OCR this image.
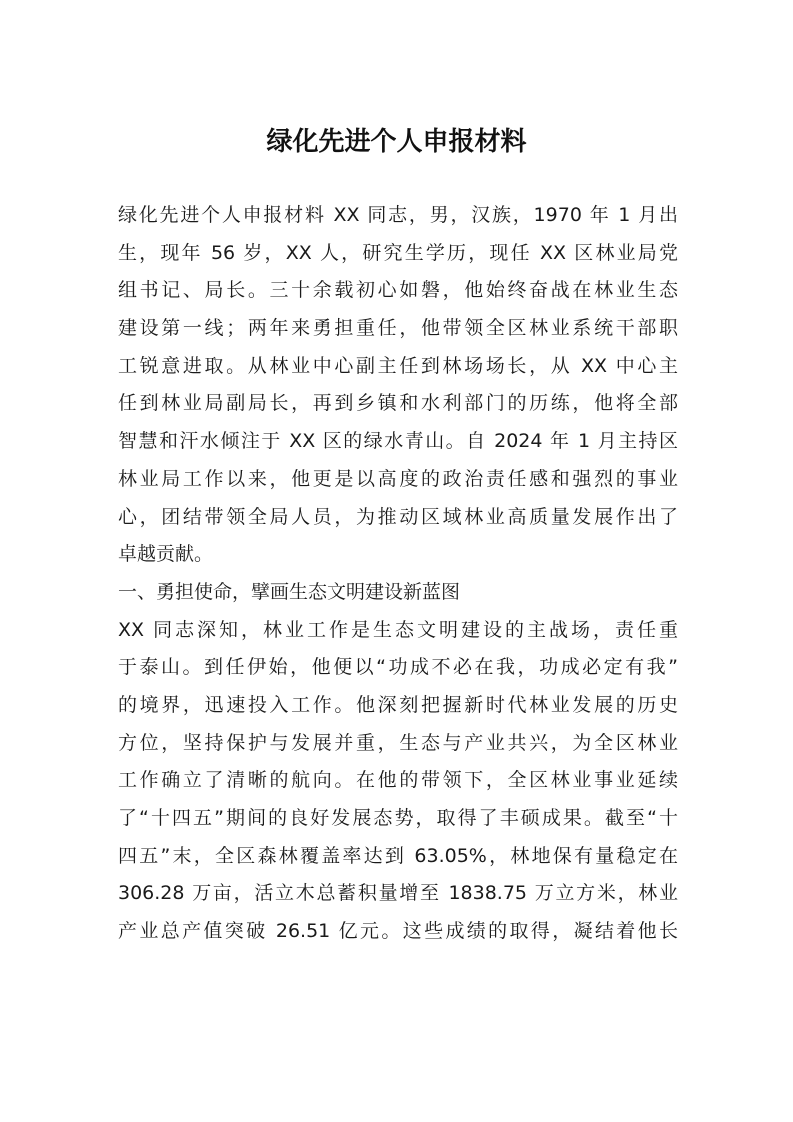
绿化先进个人申报材料
绿化先进个人申报材料 XX 同志，男，汉族，1970 年 1 月出
生，现年 56 岁，XX 人，研究生学历，现任 XX 区林业局党
组书记、局长。三十余载初心如磐，他始终奋战在林业生态
建设第一线；两年来勇担重任，他带领全区林业系统干部职
工锐意进取。从林业中心副主任到林场场长，从 XX 中心主
任到林业局副局长，再到乡镇和水利部门的历练，他将全部
智慧和汗水倾注于 XX 区的绿水青山。自 2024 年 1 月主持区
林业局工作以来，他更是以高度的政治责任感和强烈的事业
心，团结带领全局人员，为推动区域林业高质量发展作出了
卓越贡献。
一、勇担使命，擘画生态文明建设新蓝图
XX 同志深知，林业工作是生态文明建设的主战场，责任重
于泰山。到任伊始，他便以“功成不必在我，功成必定有我”
的境界，迅速投入工作。他深刻把握新时代林业发展的历史
方位，坚持保护与发展并重，生态与产业共兴，为全区林业
工作确立了清晰的航向。在他的带领下，全区林业事业延续
了“十四五”期间的良好发展态势，取得了丰硕成果。截至“十
四五”末，全区森林覆盖率达到 63.05%，林地保有量稳定在
306.28 万亩，活立木总蓄积量增至 1838.75 万立方米，林业
产业总产值突破 26.51 亿元。这些成绩的取得，凝结着他长
